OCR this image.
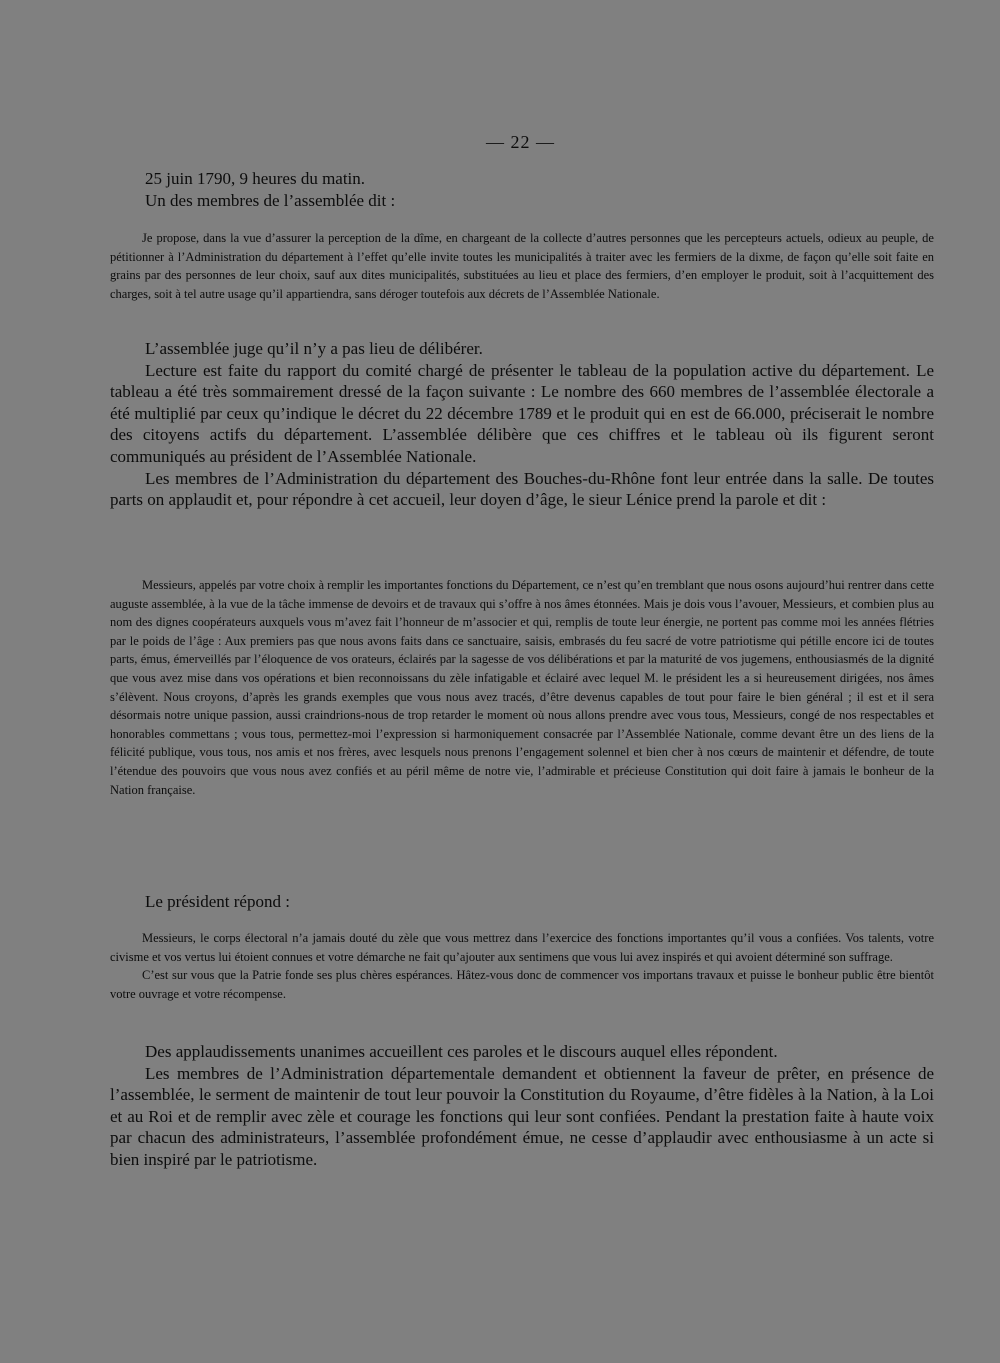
— 22 —

25 juin 1790, 9 heures du matin.

Un des membres de l’assemblée dit :

Je propose, dans la vue d’assurer la perception de la dîme, en chargeant de la collecte d’autres personnes que les percepteurs actuels, odieux au peuple, de pétitionner à l’Administration du département à l’effet qu’elle invite toutes les municipalités à traiter avec les fermiers de la dixme, de façon qu’elle soit faite en grains par des personnes de leur choix, sauf aux dites municipalités, substituées au lieu et place des fermiers, d’en employer le produit, soit à l’acquittement des charges, soit à tel autre usage qu’il appartiendra, sans déroger toutefois aux décrets de l’Assemblée Nationale.

L’assemblée juge qu’il n’y a pas lieu de délibérer.

Lecture est faite du rapport du comité chargé de présenter le tableau de la population active du département. Le tableau a été très sommairement dressé de la façon suivante : Le nombre des 660 membres de l’assemblée électorale a été multiplié par ceux qu’indique le décret du 22 décembre 1789 et le produit qui en est de 66.000, préciserait le nombre des citoyens actifs du département. L’assemblée délibère que ces chiffres et le tableau où ils figurent seront communiqués au président de l’Assemblée Nationale.

Les membres de l’Administration du département des Bouches-du-Rhône font leur entrée dans la salle. De toutes parts on applaudit et, pour répondre à cet accueil, leur doyen d’âge, le sieur Lénice prend la parole et dit :

Messieurs, appelés par votre choix à remplir les importantes fonctions du Département, ce n’est qu’en tremblant que nous osons aujourd’hui rentrer dans cette auguste assemblée, à la vue de la tâche immense de devoirs et de travaux qui s’offre à nos âmes étonnées. Mais je dois vous l’avouer, Messieurs, et combien plus au nom des dignes coopérateurs auxquels vous m’avez fait l’honneur de m’associer et qui, remplis de toute leur énergie, ne portent pas comme moi les années flétries par le poids de l’âge : Aux premiers pas que nous avons faits dans ce sanctuaire, saisis, embrasés du feu sacré de votre patriotisme qui pétille encore ici de toutes parts, émus, émerveillés par l’éloquence de vos orateurs, éclairés par la sagesse de vos délibérations et par la maturité de vos jugemens, enthousiasmés de la dignité que vous avez mise dans vos opérations et bien reconnoissans du zèle infatigable et éclairé avec lequel M. le président les a si heureusement dirigées, nos âmes s’élèvent. Nous croyons, d’après les grands exemples que vous nous avez tracés, d’être devenus capables de tout pour faire le bien général ; il est et il sera désormais notre unique passion, aussi craindrions-nous de trop retarder le moment où nous allons prendre avec vous tous, Messieurs, congé de nos respectables et honorables commettans ; vous tous, permettez-moi l’expression si harmoniquement consacrée par l’Assemblée Nationale, comme devant être un des liens de la félicité publique, vous tous, nos amis et nos frères, avec lesquels nous prenons l’engagement solennel et bien cher à nos cœurs de maintenir et défendre, de toute l’étendue des pouvoirs que vous nous avez confiés et au péril même de notre vie, l’admirable et précieuse Constitution qui doit faire à jamais le bonheur de la Nation française.

Le président répond :

Messieurs, le corps électoral n’a jamais douté du zèle que vous mettrez dans l’exercice des fonctions importantes qu’il vous a confiées. Vos talents, votre civisme et vos vertus lui étoient connues et votre démarche ne fait qu’ajouter aux sentimens que vous lui avez inspirés et qui avoient déterminé son suffrage.

C’est sur vous que la Patrie fonde ses plus chères espérances. Hâtez-vous donc de commencer vos importans travaux et puisse le bonheur public être bientôt votre ouvrage et votre récompense.

Des applaudissements unanimes accueillent ces paroles et le discours auquel elles répondent.

Les membres de l’Administration départementale demandent et obtiennent la faveur de prêter, en présence de l’assemblée, le serment de maintenir de tout leur pouvoir la Constitution du Royaume, d’être fidèles à la Nation, à la Loi et au Roi et de remplir avec zèle et courage les fonctions qui leur sont confiées. Pendant la prestation faite à haute voix par chacun des administrateurs, l’assemblée profondément émue, ne cesse d’applaudir avec enthousiasme à un acte si bien inspiré par le patriotisme.
